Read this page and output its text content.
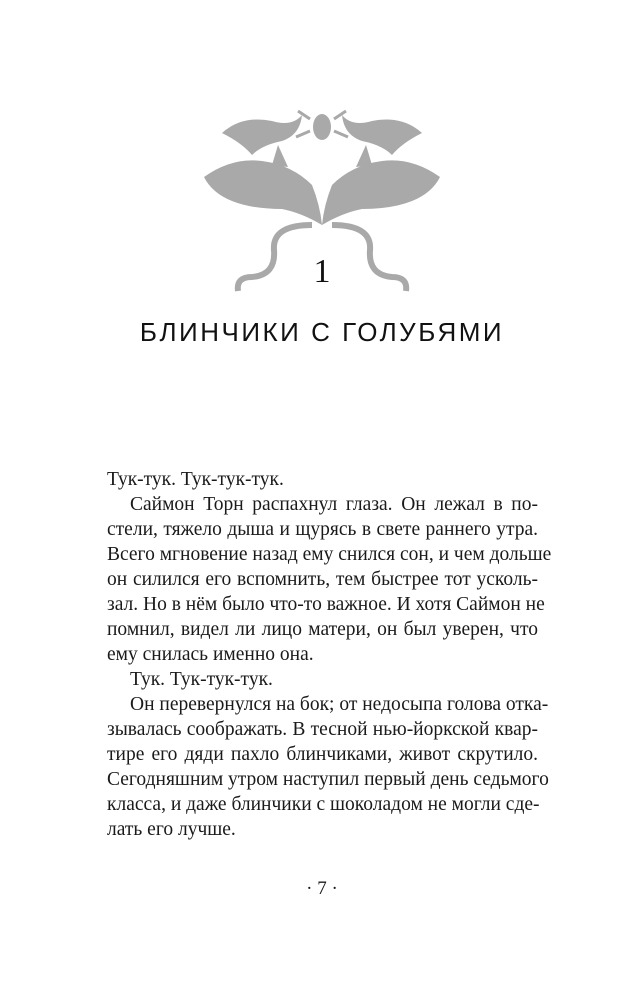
1
БЛИНЧИКИ С ГОЛУБЯМИ
Тук-тук. Тук-тук-тук.
Саймон Торн распахнул глаза. Он лежал в по-
стели, тяжело дыша и щурясь в свете раннего утра.
Всего мгновение назад ему снился сон, и чем дольше
он силился его вспомнить, тем быстрее тот усколь-
зал. Но в нём было что-то важное. И хотя Саймон не
помнил, видел ли лицо матери, он был уверен, что
ему снилась именно она.
Тук. Тук-тук-тук.
Он перевернулся на бок; от недосыпа голова отка-
зывалась соображать. В тесной нью-йоркской квар-
тире его дяди пахло блинчиками, живот скрутило.
Сегодняшним утром наступил первый день седьмого
класса, и даже блинчики с шоколадом не могли сде-
лать его лучше.
· 7 ·
